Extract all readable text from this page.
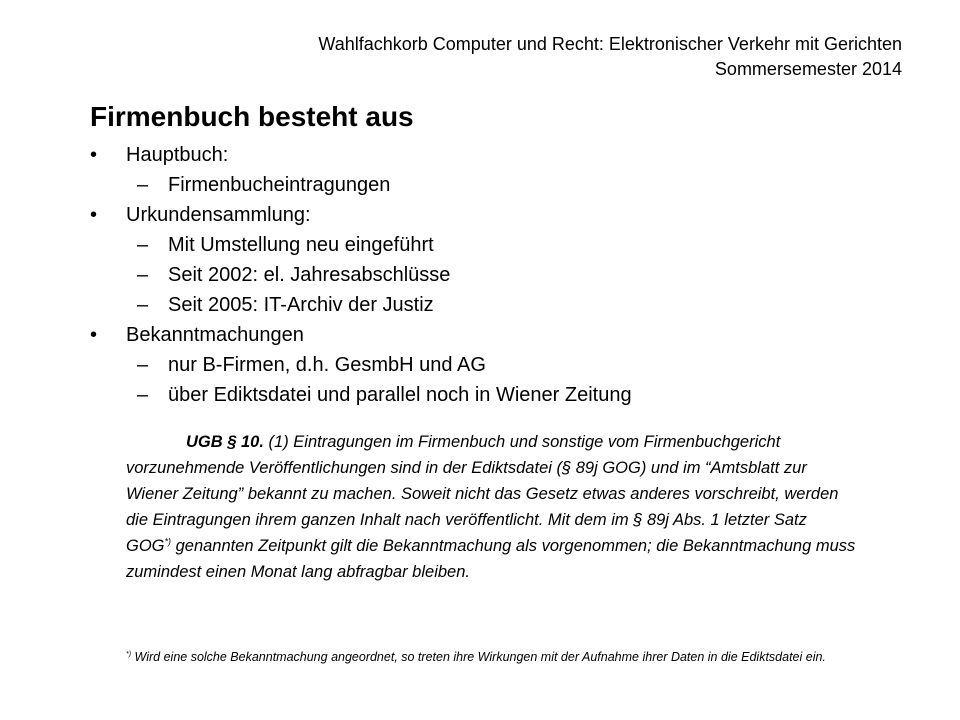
Wahlfachkorb Computer und Recht: Elektronischer Verkehr mit Gerichten
Sommersemester 2014
Firmenbuch besteht aus
• Hauptbuch:
– Firmenbucheintragungen
• Urkundensammlung:
– Mit Umstellung neu eingeführt
– Seit 2002: el. Jahresabschlüsse
– Seit 2005: IT-Archiv der Justiz
• Bekanntmachungen
– nur B-Firmen, d.h. GesmbH und AG
– über Ediktsdatei und parallel noch in Wiener Zeitung
UGB § 10. (1) Eintragungen im Firmenbuch und sonstige vom Firmenbuchgericht vorzunehmende Veröffentlichungen sind in der Ediktsdatei (§ 89j GOG) und im “Amtsblatt zur Wiener Zeitung” bekannt zu machen. Soweit nicht das Gesetz etwas anderes vorschreibt, werden die Eintragungen ihrem ganzen Inhalt nach veröffentlicht. Mit dem im § 89j Abs. 1 letzter Satz GOG*) genannten Zeitpunkt gilt die Bekanntmachung als vorgenommen; die Bekanntmachung muss zumindest einen Monat lang abfragbar bleiben.
*) Wird eine solche Bekanntmachung angeordnet, so treten ihre Wirkungen mit der Aufnahme ihrer Daten in die Ediktsdatei ein.
